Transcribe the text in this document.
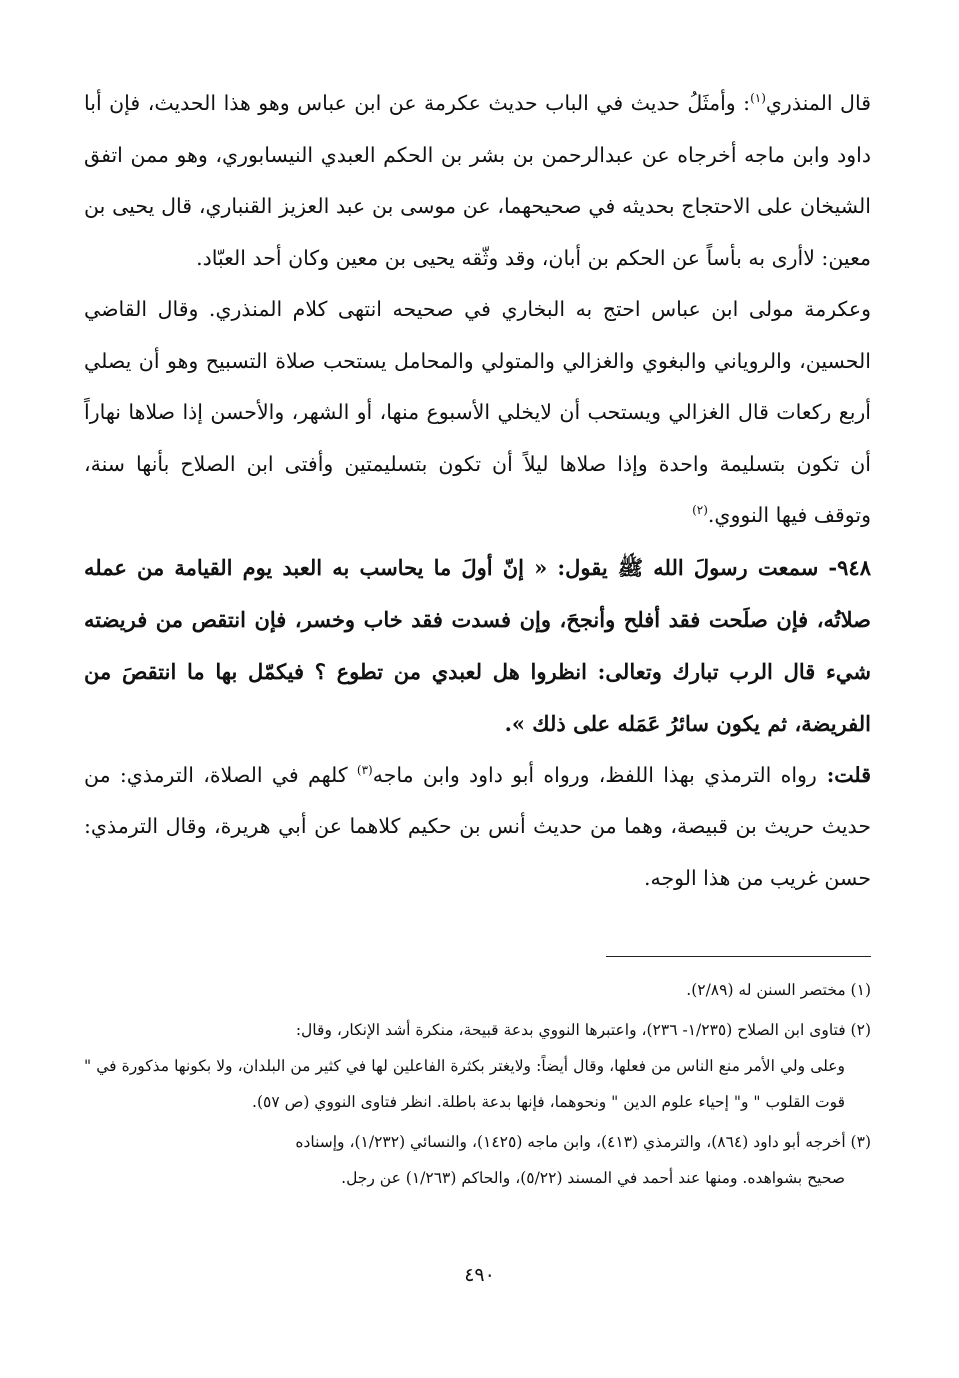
قال المنذري$^{(١)}$: وأمثَلُ حديث في الباب حديث عكرمة عن ابن عباس وهو هذا الحديث، فإن أبا داود وابن ماجه أخرجاه عن عبدالرحمن بن بشر بن الحكم العبدي النيسابوري، وهو ممن اتفق الشيخان على الاحتجاج بحديثه في صحيحهما، عن موسى بن عبد العزيز القنباري، قال يحيى بن معين: لاأرى به بأساً عن الحكم بن أبان، وقد وثّقه يحيى بن معين وكان أحد العبّاد.

وعكرمة مولى ابن عباس احتج به البخاري في صحيحه انتهى كلام المنذري. وقال القاضي الحسين، والروياني والبغوي والغزالي والمتولي والمحامل يستحب صلاة التسبيح وهو أن يصلي أربع ركعات قال الغزالي ويستحب أن لايخلي الأسبوع منها، أو الشهر، والأحسن إذا صلاها نهاراً أن تكون بتسليمة واحدة وإذا صلاها ليلاً أن تكون بتسليمتين وأفتى ابن الصلاح بأنها سنة، وتوقف فيها النووي.$^{(٢)}$

٩٤٨- سمعت رسولَ الله ﷺ يقول: « إنّ أولَ ما يحاسب به العبد يوم القيامة من عمله صلاتُه، فإن صلَحت فقد أفلح وأنجحَ، وإن فسدت فقد خاب وخسر، فإن انتقص من فريضته شيء قال الرب تبارك وتعالى: انظروا هل لعبدي من تطوع ؟ فيكمّل بها ما انتقصَ من الفريضة، ثم يكون سائرُ عَمَله على ذلك ».

قلت: رواه الترمذي بهذا اللفظ، ورواه أبو داود وابن ماجه$^{(٣)}$ كلهم في الصلاة، الترمذي: من حديث حريث بن قبيصة، وهما من حديث أنس بن حكيم كلاهما عن أبي هريرة، وقال الترمذي: حسن غريب من هذا الوجه.

(١) مختصر السنن له (٢/٨٩).

(٢) فتاوى ابن الصلاح (١/٢٣٥- ٢٣٦)، واعتبرها النووي بدعة قبيحة، منكرة أشد الإنكار، وقال:
وعلى ولي الأمر منع الناس من فعلها، وقال أيضاً: ولايغتر بكثرة الفاعلين لها في كثير من البلدان، ولا بكونها مذكورة في " قوت القلوب " و" إحياء علوم الدين " ونحوهما، فإنها بدعة باطلة. انظر فتاوى النووي (ص ٥٧).

(٣) أخرجه أبو داود (٨٦٤)، والترمذي (٤١٣)، وابن ماجه (١٤٢٥)، والنسائي (١/٢٣٢)، وإسناده
صحيح بشواهده. ومنها عند أحمد في المسند (٥/٢٢)، والحاكم (١/٢٦٣) عن رجل.

٤٩٠
